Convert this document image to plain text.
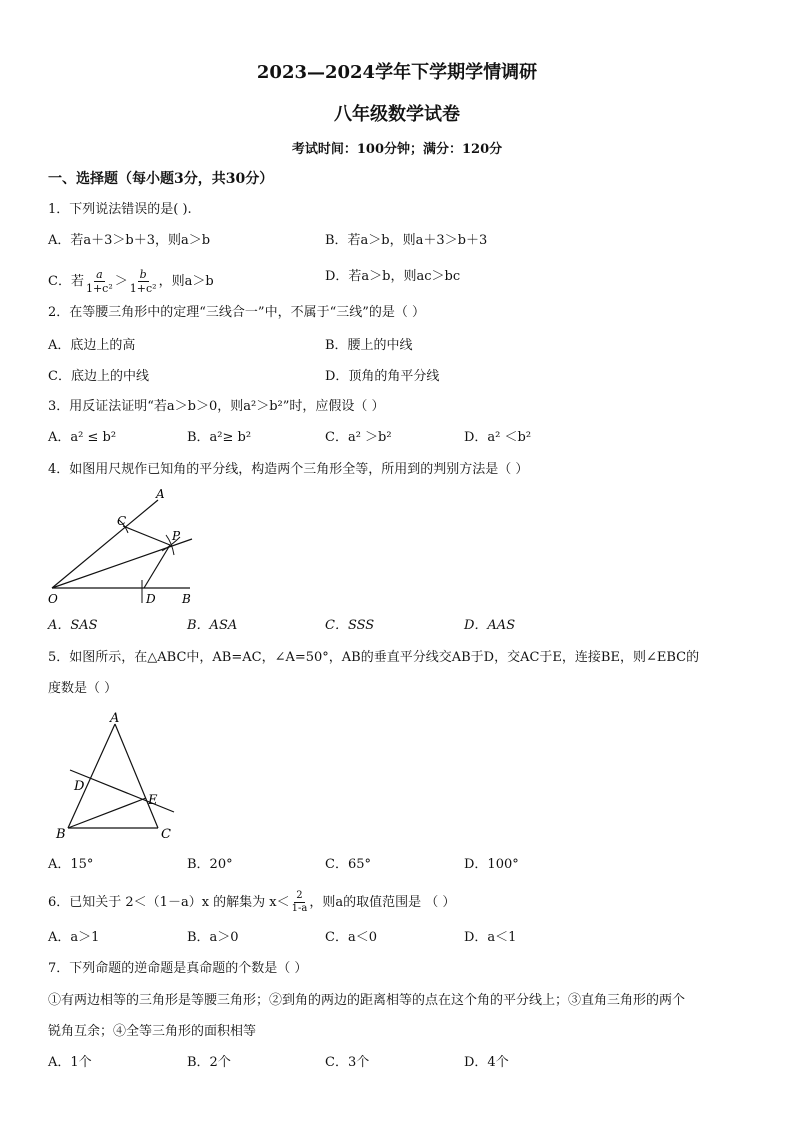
2023—2024学年下学期学情调研
八年级数学试卷
考试时间：100分钟；满分：120分
一、选择题（每小题3分，共30分）
1．下列说法错误的是( ).
A．若a＋3＞b＋3，则a＞b	B．若a＞b，则a＋3＞b＋3
C．若 $\frac{a}{\text{1+c²}} > \frac{b}{\text{1+c²}}$ ，则a＞b	D．若a＞b，则ac＞bc
2．在等腰三角形中的定理“三线合一”中，不属于“三线”的是（ ）
A．底边上的高	B．腰上的中线
C．底边上的中线	D．顶角的角平分线
3．用反证法证明“若a＞b＞0，则a²＞b²”时，应假设（ ）
A．a² ≤ b²	B．a²≥ b²	C．a² ＞b²	D．a² ＜b²
4．如图用尺规作已知角的平分线，构造两个三角形全等，所用到的判别方法是（ ）
A
C
P
O	D B
A．SAS	B．ASA	C．SSS	D．AAS
5．如图所示，在△ABC中，AB=AC，∠A=50°，AB的垂直平分线交AB于D，交AC于E，连接BE，则∠EBC的
度数是（ ）
A
D
E
B	C
A．15°	B．20°	C．65°	D．100°
6．已知关于 2＜（1－a）x 的解集为 $x< \frac{2}{1-a}$ ，则a的取值范围是 （ ）
A．a＞1	B．a＞0	C．a＜0	D．a＜1
7．下列命题的逆命题是真命题的个数是（ ）
①有两边相等的三角形是等腰三角形；②到角的两边的距离相等的点在这个角的平分线上；③直角三角形的两个
锐角互余；④全等三角形的面积相等
A．1个	B．2个	C．3个	D．4个
